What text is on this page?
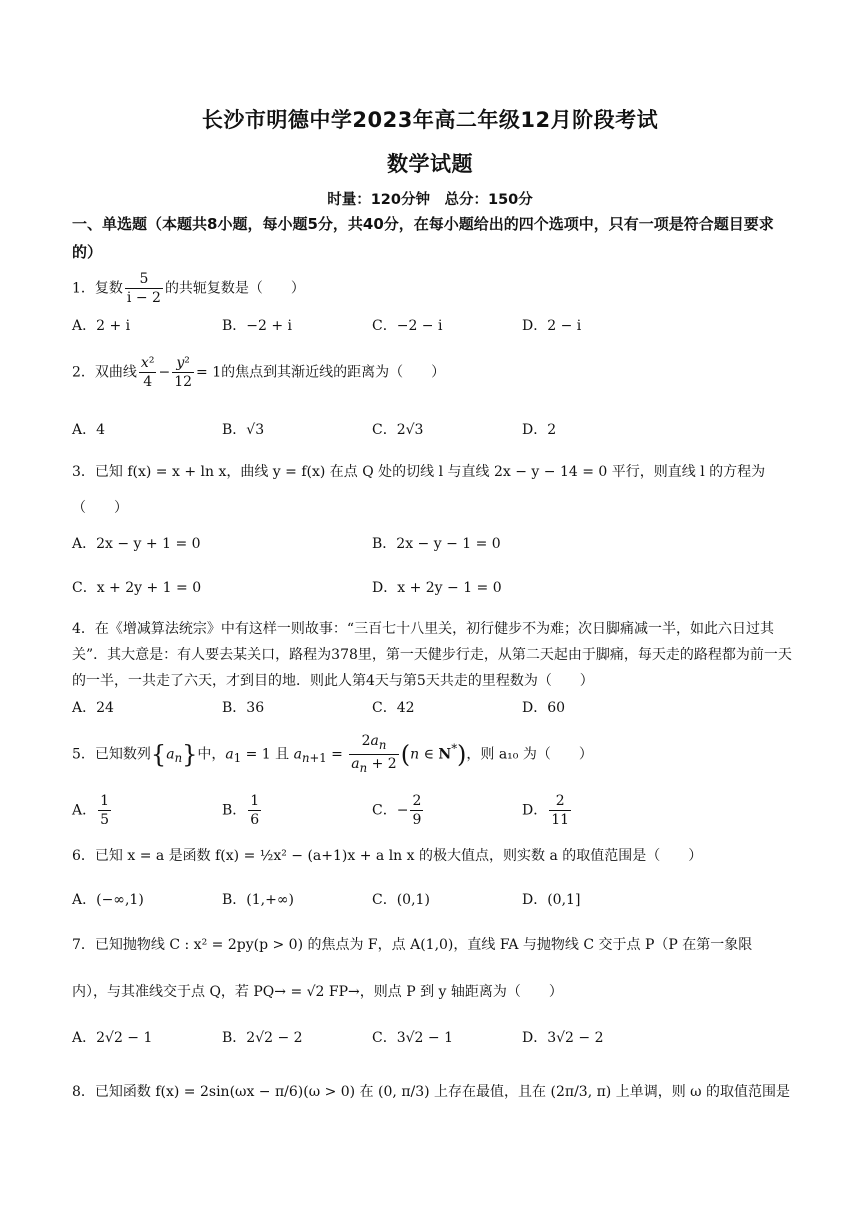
长沙市明德中学2023年高二年级12月阶段考试
数学试题
时量：120分钟　总分：150分
一、单选题（本题共8小题，每小题5分，共40分，在每小题给出的四个选项中，只有一项是符合题目要求的）
1．复数 $\frac{5}{i - 2}$ 的共轭复数是（　　）
A．2 + i	B．−2 + i	C．−2 − i	D．2 − i
2．双曲线 $\frac{\text{x²}}{4} - \frac{\text{y²}}{12} = 1$的焦点到其渐近线的距离为（　　）
A．4	B．√3	C．2√3	D．2
3．已知 f(x) = x + ln x，曲线 y = f(x) 在点 Q 处的切线 l 与直线 2x − y − 14 = 0 平行，则直线 l 的方程为
（　　）
A．2x − y + 1 = 0	B．2x − y − 1 = 0
C．x + 2y + 1 = 0	D．x + 2y − 1 = 0
4．在《增减算法统宗》中有这样一则故事：“三百七十八里关，初行健步不为难；次日脚痛减一半，如此六日过其关”．其大意是：有人要去某关口，路程为378里，第一天健步行走，从第二天起由于脚痛，每天走的路程都为前一天的一半，一共走了六天，才到目的地．则此人第4天与第5天共走的里程数为（　　）
A．24	B．36	C．42	D．60
5．已知数列$\{a_n\}$中，$a_1 = 1$ 且 $a_{n+1} = \frac{2a_n}{a_n + 2} (n$ ∈ N*)，则 a₁₀ 为（　　）
A． $\frac{1}{5}$	B． $\frac{1}{6}$	C．− $\frac{2}{9}$	D． $\frac{2}{11}$
6．已知 x = a 是函数 f(x) = ½x² − (a+1)x + a ln x 的极大值点，则实数 a 的取值范围是（　　）
A．(−∞,1)	B．(1,+∞)	C．(0,1)	D．(0,1]
7．已知抛物线 C : x² = 2py(p > 0) 的焦点为 F，点 A(1,0)，直线 FA 与抛物线 C 交于点 P（P 在第一象限
内），与其准线交于点 Q，若 PQ→ = √2 FP→，则点 P 到 y 轴距离为（　　）
A．2√2 − 1	B．2√2 − 2	C．3√2 − 1	D．3√2 − 2
8．已知函数 f(x) = 2sin(ωx − π/6)(ω > 0) 在 (0, π/3) 上存在最值，且在 (2π/3, π) 上单调，则 ω 的取值范围是
